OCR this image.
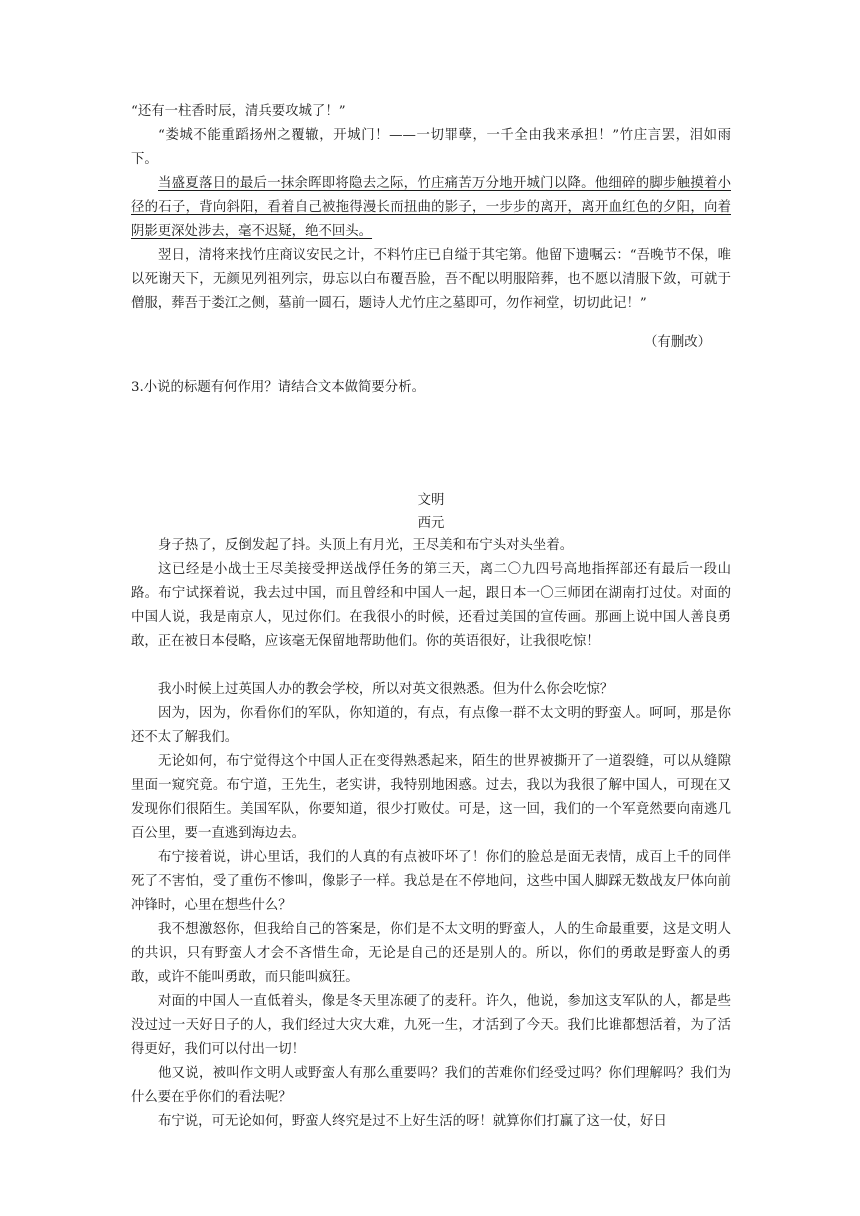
“还有一柱香时辰，清兵要攻城了！”
“娄城不能重蹈扬州之覆辙，开城门！——一切罪孽，一千全由我来承担！”竹庄言罢，泪如雨下。
当盛夏落日的最后一抹余晖即将隐去之际，竹庄痛苦万分地开城门以降。他细碎的脚步触摸着小径的石子，背向斜阳，看着自己被拖得漫长而扭曲的影子，一步步的离开，离开血红色的夕阳，向着阴影更深处涉去，毫不迟疑，绝不回头。
翌日，清将来找竹庄商议安民之计，不料竹庄已自缢于其宅第。他留下遗嘱云：“吾晚节不保，唯以死谢天下，无颜见列祖列宗，毋忘以白布覆吾脸，吾不配以明服陪葬，也不愿以清服下敛，可就于僧服，葬吾于娄江之侧，墓前一圆石，题诗人尤竹庄之墓即可，勿作祠堂，切切此记！”
（有删改）
3.小说的标题有何作用？请结合文本做简要分析。
文明
西元
身子热了，反倒发起了抖。头顶上有月光，王尽美和布宁头对头坐着。
这已经是小战士王尽美接受押送战俘任务的第三天，离二〇九四号高地指挥部还有最后一段山路。布宁试探着说，我去过中国，而且曾经和中国人一起，跟日本一〇三师团在湖南打过仗。对面的中国人说，我是南京人，见过你们。在我很小的时候，还看过美国的宣传画。那画上说中国人善良勇敢，正在被日本侵略，应该毫无保留地帮助他们。你的英语很好，让我很吃惊！
我小时候上过英国人办的教会学校，所以对英文很熟悉。但为什么你会吃惊？
因为，因为，你看你们的军队，你知道的，有点，有点像一群不太文明的野蛮人。呵呵，那是你还不太了解我们。
无论如何，布宁觉得这个中国人正在变得熟悉起来，陌生的世界被撕开了一道裂缝，可以从缝隙里面一窥究竟。布宁道，王先生，老实讲，我特别地困惑。过去，我以为我很了解中国人，可现在又发现你们很陌生。美国军队，你要知道，很少打败仗。可是，这一回，我们的一个军竟然要向南逃几百公里，要一直逃到海边去。
布宁接着说，讲心里话，我们的人真的有点被吓坏了！你们的脸总是面无表情，成百上千的同伴死了不害怕，受了重伤不惨叫，像影子一样。我总是在不停地问，这些中国人脚踩无数战友尸体向前冲锋时，心里在想些什么？
我不想激怒你，但我给自己的答案是，你们是不太文明的野蛮人，人的生命最重要，这是文明人的共识，只有野蛮人才会不吝惜生命，无论是自己的还是别人的。所以，你们的勇敢是野蛮人的勇敢，或许不能叫勇敢，而只能叫疯狂。
对面的中国人一直低着头，像是冬天里冻硬了的麦秆。许久，他说，参加这支军队的人，都是些没过过一天好日子的人，我们经过大灾大难，九死一生，才活到了今天。我们比谁都想活着，为了活得更好，我们可以付出一切！
他又说，被叫作文明人或野蛮人有那么重要吗？我们的苦难你们经受过吗？你们理解吗？我们为什么要在乎你们的看法呢？
布宁说，可无论如何，野蛮人终究是过不上好生活的呀！就算你们打赢了这一仗，好日
